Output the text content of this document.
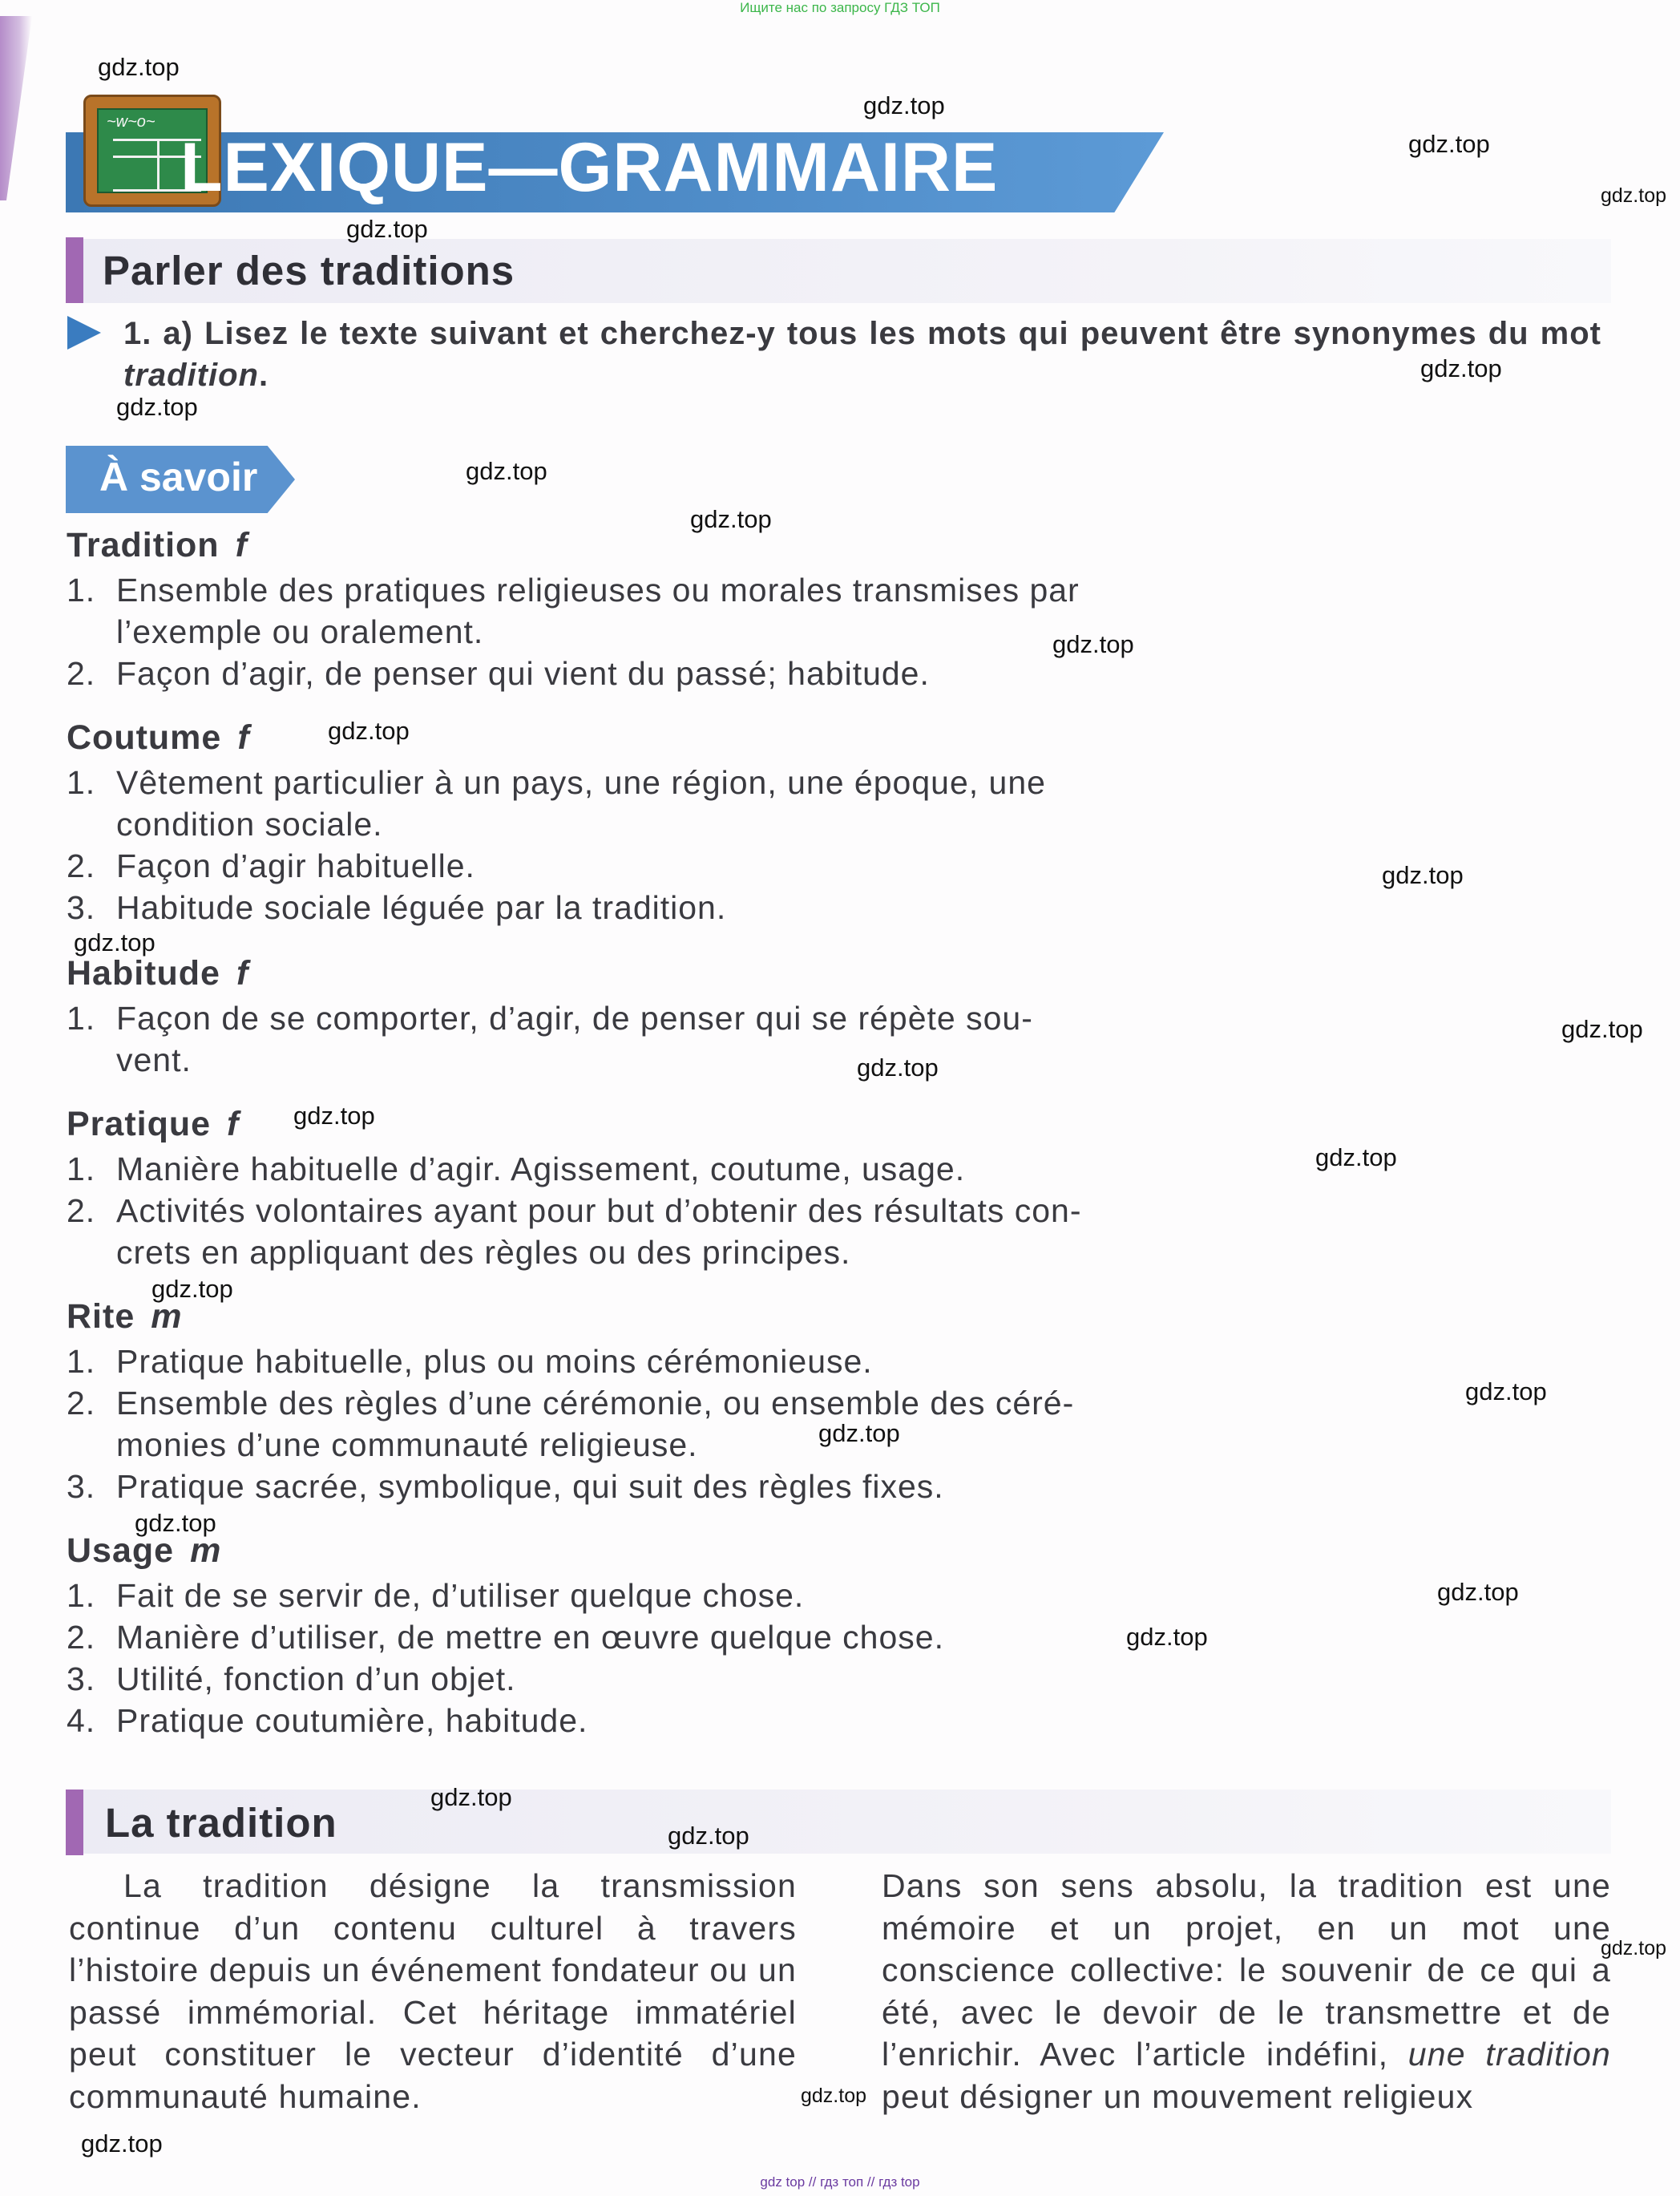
Ищите нас по запросу ГДЗ ТОП
~w~o~
LEXIQUE—GRAMMAIRE
Parler des traditions
1. a) Lisez le texte suivant et cherchez-y tous les mots qui peuvent être synonymes du mot tradition.
À savoir
Tradition f
1. Ensemble des pratiques religieuses ou morales transmises par
l’exemple ou oralement.
2. Façon d’agir, de penser qui vient du passé; habitude.
Coutume f
1. Vêtement particulier à un pays, une région, une époque, une
condition sociale.
2. Façon d’agir habituelle.
3. Habitude sociale léguée par la tradition.
Habitude f
1. Façon de se comporter, d’agir, de penser qui se répète sou-
vent.
Pratique f
1. Manière habituelle d’agir. Agissement, coutume, usage.
2. Activités volontaires ayant pour but d’obtenir des résultats con-
crets en appliquant des règles ou des principes.
Rite m
1. Pratique habituelle, plus ou moins cérémonieuse.
2. Ensemble des règles d’une cérémonie, ou ensemble des céré-
monies d’une communauté religieuse.
3. Pratique sacrée, symbolique, qui suit des règles fixes.
Usage m
1. Fait de se servir de, d’utiliser quelque chose.
2. Manière d’utiliser, de mettre en œuvre quelque chose.
3. Utilité, fonction d’un objet.
4. Pratique coutumière, habitude.
La tradition
La tradition désigne la transmission continue d’un contenu culturel à travers l’histoire depuis un événement fondateur ou un passé immémorial. Cet héritage immatériel peut constituer le vecteur d’identité d’une communauté humaine.
Dans son sens absolu, la tradition est une mémoire et un projet, en un mot une conscience collective: le souvenir de ce qui a été, avec le devoir de le transmettre et de l’enrichir. Avec l’article indéfini, une tradition peut désigner un mouvement religieux
gdz.top
gdz.top
gdz.top
gdz.top
gdz.top
gdz.top
gdz.top
gdz.top
gdz.top
gdz.top
gdz.top
gdz.top
gdz.top
gdz.top
gdz.top
gdz.top
gdz.top
gdz.top
gdz.top
gdz.top
gdz.top
gdz.top
gdz.top
gdz.top
gdz.top
gdz.top
gdz.top
gdz.top
gdz top // гдз топ // гдз top
